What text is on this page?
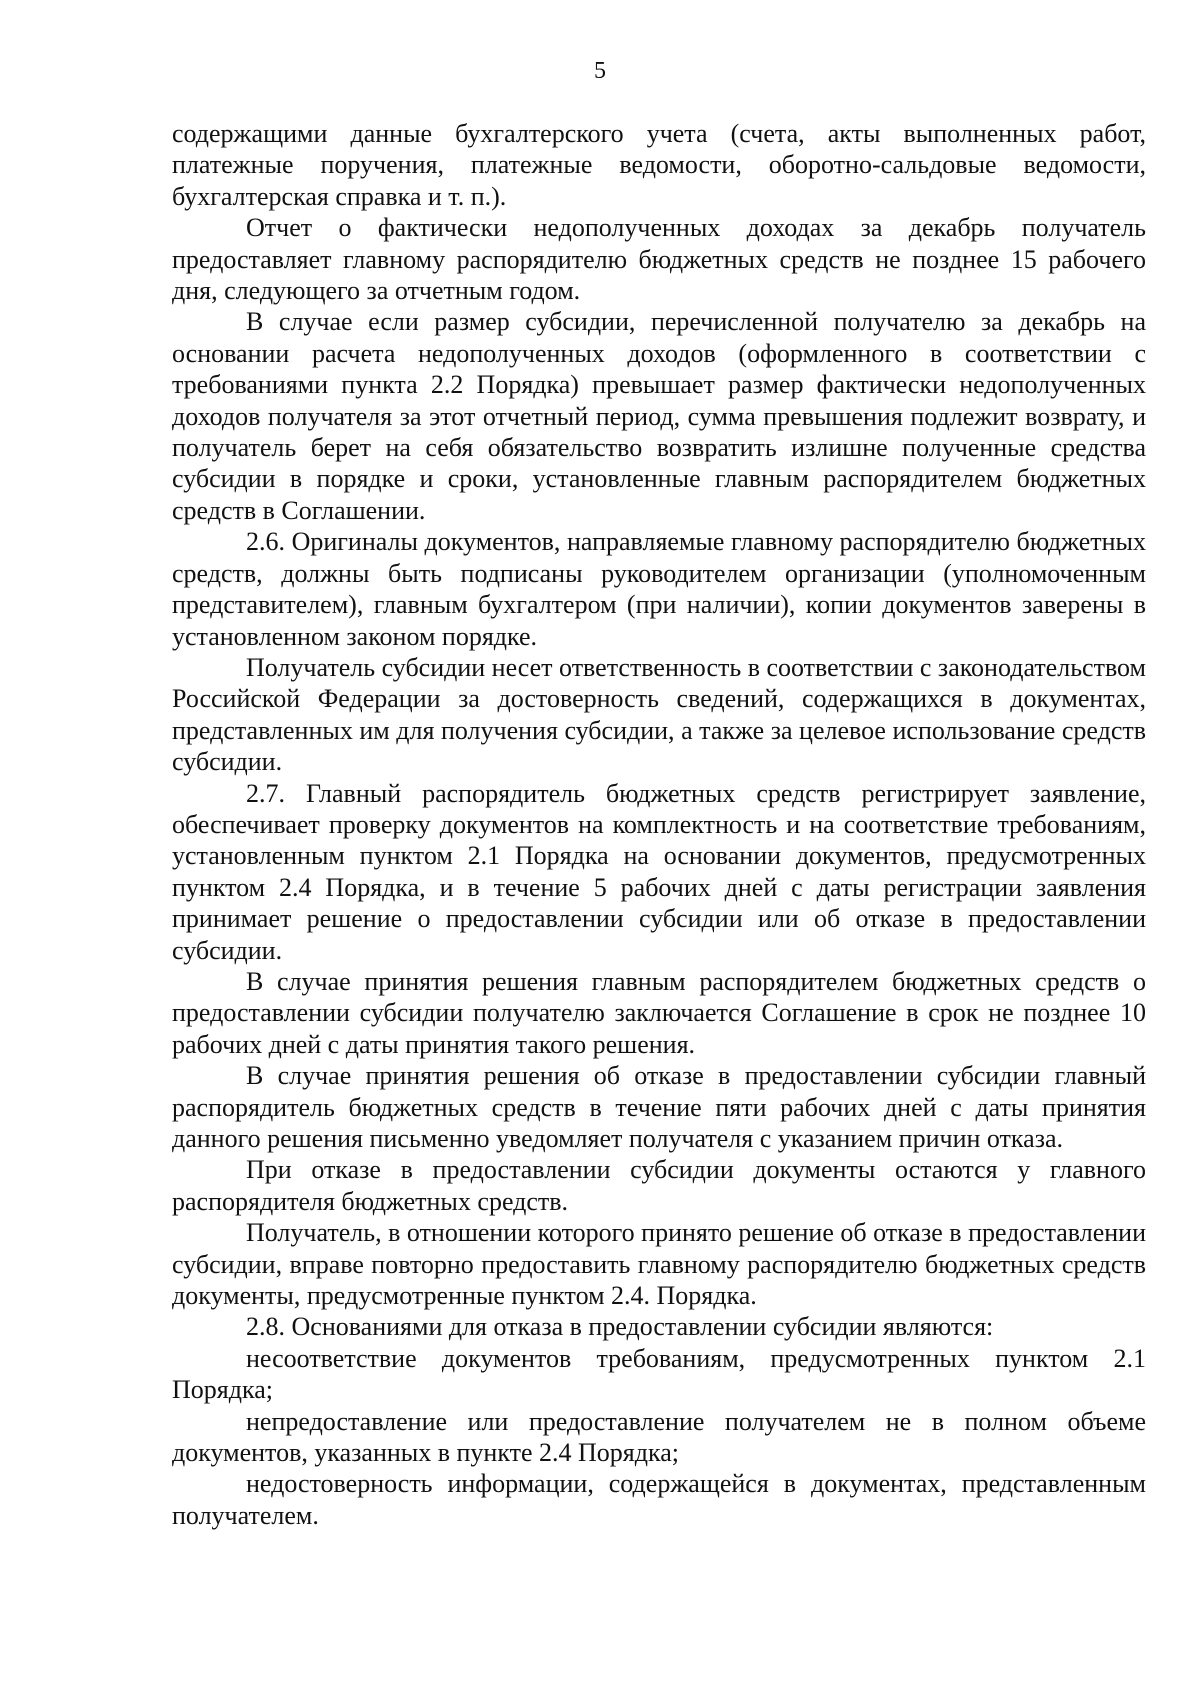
5

содержащими данные бухгалтерского учета (счета, акты выполненных работ, платежные поручения, платежные ведомости, оборотно-сальдовые ведомости, бухгалтерская справка и т. п.).

Отчет о фактически недополученных доходах за декабрь получатель предоставляет главному распорядителю бюджетных средств не позднее 15 рабочего дня, следующего за отчетным годом.

В случае если размер субсидии, перечисленной получателю за декабрь на основании расчета недополученных доходов (оформленного в соответствии с требованиями пункта 2.2 Порядка) превышает размер фактически недополученных доходов получателя за этот отчетный период, сумма превышения подлежит возврату, и получатель берет на себя обязательство возвратить излишне полученные средства субсидии в порядке и сроки, установленные главным распорядителем бюджетных средств в Соглашении.

2.6. Оригиналы документов, направляемые главному распорядителю бюджетных средств, должны быть подписаны руководителем организации (уполномоченным представителем), главным бухгалтером (при наличии), копии документов заверены в установленном законом порядке.

Получатель субсидии несет ответственность в соответствии с законодательством Российской Федерации за достоверность сведений, содержащихся в документах, представленных им для получения субсидии, а также за целевое использование средств субсидии.

2.7. Главный распорядитель бюджетных средств регистрирует заявление, обеспечивает проверку документов на комплектность и на соответствие требованиям, установленным пунктом 2.1 Порядка на основании документов, предусмотренных пунктом 2.4 Порядка, и в течение 5 рабочих дней с даты регистрации заявления принимает решение о предоставлении субсидии или об отказе в предоставлении субсидии.

В случае принятия решения главным распорядителем бюджетных средств о предоставлении субсидии получателю заключается Соглашение в срок не позднее 10 рабочих дней с даты принятия такого решения.

В случае принятия решения об отказе в предоставлении субсидии главный распорядитель бюджетных средств в течение пяти рабочих дней с даты принятия данного решения письменно уведомляет получателя с указанием причин отказа.

При отказе в предоставлении субсидии документы остаются у главного распорядителя бюджетных средств.

Получатель, в отношении которого принято решение об отказе в предоставлении субсидии, вправе повторно предоставить главному распорядителю бюджетных средств документы, предусмотренные пунктом 2.4. Порядка.

2.8. Основаниями для отказа в предоставлении субсидии являются:

несоответствие документов требованиям, предусмотренных пунктом 2.1 Порядка;

непредоставление или предоставление получателем не в полном объеме документов, указанных в пункте 2.4 Порядка;

недостоверность информации, содержащейся в документах, представленным получателем.
